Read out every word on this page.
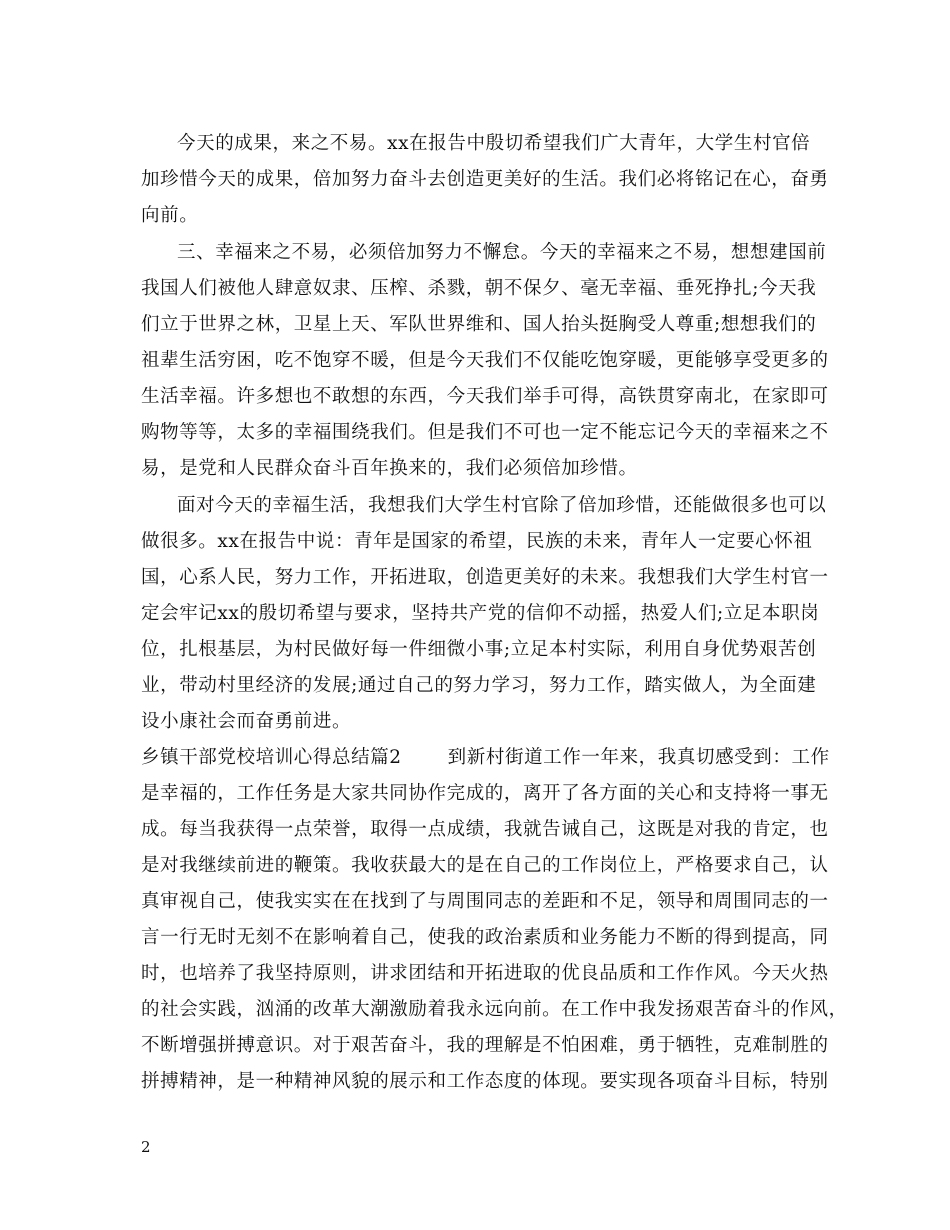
今天的成果，来之不易。xx在报告中殷切希望我们广大青年，大学生村官倍
加珍惜今天的成果，倍加努力奋斗去创造更美好的生活。我们必将铭记在心，奋勇
向前。
三、幸福来之不易，必须倍加努力不懈怠。今天的幸福来之不易，想想建国前
我国人们被他人肆意奴隶、压榨、杀戮，朝不保夕、毫无幸福、垂死挣扎;今天我
们立于世界之林，卫星上天、军队世界维和、国人抬头挺胸受人尊重;想想我们的
祖辈生活穷困，吃不饱穿不暖，但是今天我们不仅能吃饱穿暖，更能够享受更多的
生活幸福。许多想也不敢想的东西，今天我们举手可得，高铁贯穿南北，在家即可
购物等等，太多的幸福围绕我们。但是我们不可也一定不能忘记今天的幸福来之不
易，是党和人民群众奋斗百年换来的，我们必须倍加珍惜。
面对今天的幸福生活，我想我们大学生村官除了倍加珍惜，还能做很多也可以
做很多。xx在报告中说：青年是国家的希望，民族的未来，青年人一定要心怀祖
国，心系人民，努力工作，开拓进取，创造更美好的未来。我想我们大学生村官一
定会牢记xx的殷切希望与要求，坚持共产党的信仰不动摇，热爱人们;立足本职岗
位，扎根基层，为村民做好每一件细微小事;立足本村实际，利用自身优势艰苦创
业，带动村里经济的发展;通过自己的努力学习，努力工作，踏实做人，为全面建
设小康社会而奋勇前进。
乡镇干部党校培训心得总结篇2 到新村街道工作一年来，我真切感受到：工作
是幸福的，工作任务是大家共同协作完成的，离开了各方面的关心和支持将一事无
成。每当我获得一点荣誉，取得一点成绩，我就告诫自己，这既是对我的肯定，也
是对我继续前进的鞭策。我收获最大的是在自己的工作岗位上，严格要求自己，认
真审视自己，使我实实在在找到了与周围同志的差距和不足，领导和周围同志的一
言一行无时无刻不在影响着自己，使我的政治素质和业务能力不断的得到提高，同
时，也培养了我坚持原则，讲求团结和开拓进取的优良品质和工作作风。今天火热
的社会实践，汹涌的改革大潮激励着我永远向前。在工作中我发扬艰苦奋斗的作风，
不断增强拼搏意识。对于艰苦奋斗，我的理解是不怕困难，勇于牺牲，克难制胜的
拼搏精神，是一种精神风貌的展示和工作态度的体现。要实现各项奋斗目标，特别
2
